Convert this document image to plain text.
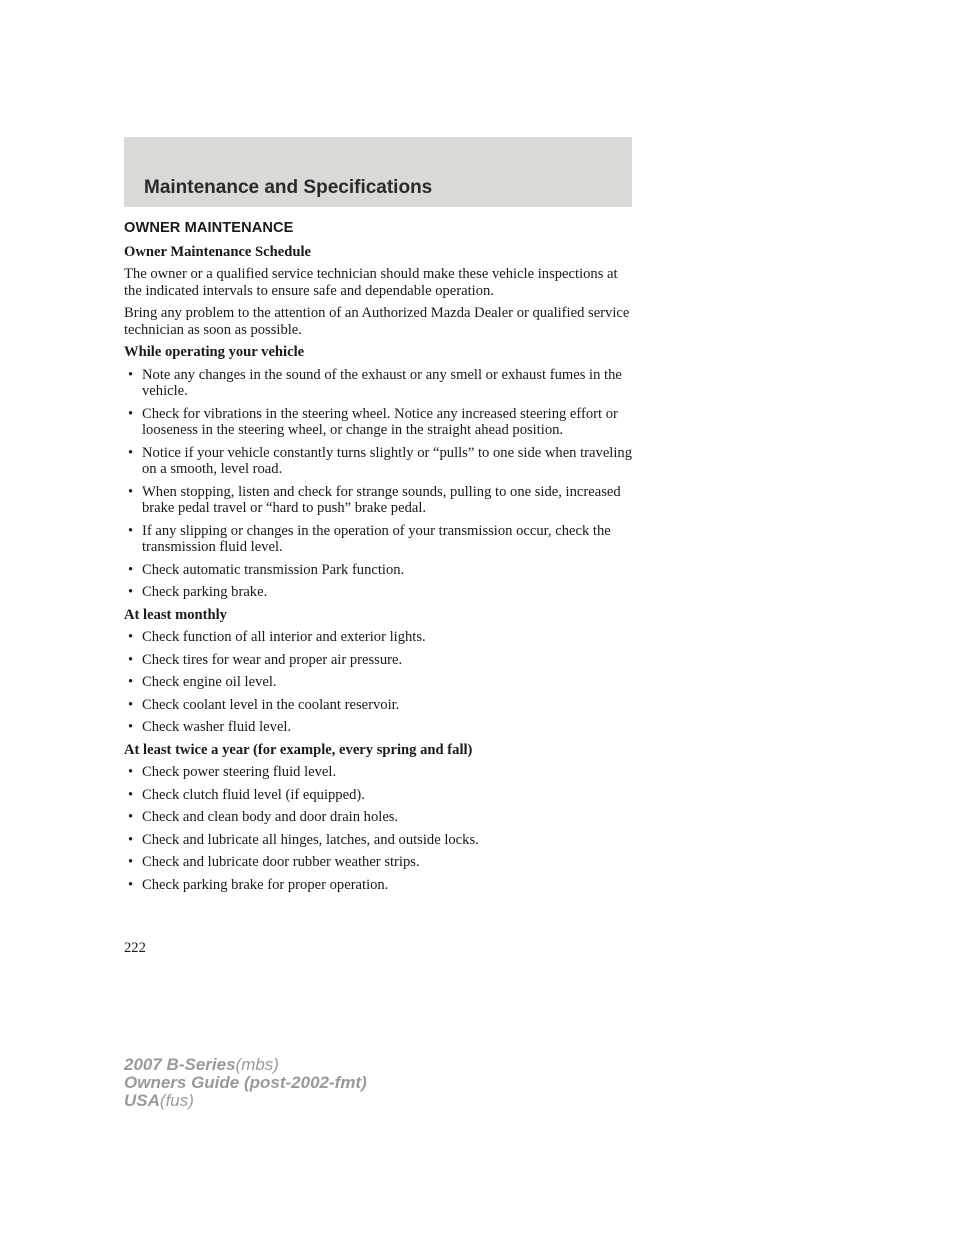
Maintenance and Specifications
OWNER MAINTENANCE
Owner Maintenance Schedule

The owner or a qualified service technician should make these vehicle inspections at the indicated intervals to ensure safe and dependable operation.

Bring any problem to the attention of an Authorized Mazda Dealer or qualified service technician as soon as possible.

While operating your vehicle
• Note any changes in the sound of the exhaust or any smell or exhaust fumes in the vehicle.
• Check for vibrations in the steering wheel. Notice any increased steering effort or looseness in the steering wheel, or change in the straight ahead position.
• Notice if your vehicle constantly turns slightly or “pulls” to one side when traveling on a smooth, level road.
• When stopping, listen and check for strange sounds, pulling to one side, increased brake pedal travel or “hard to push” brake pedal.
• If any slipping or changes in the operation of your transmission occur, check the transmission fluid level.
• Check automatic transmission Park function.
• Check parking brake.
At least monthly
• Check function of all interior and exterior lights.
• Check tires for wear and proper air pressure.
• Check engine oil level.
• Check coolant level in the coolant reservoir.
• Check washer fluid level.
At least twice a year (for example, every spring and fall)
• Check power steering fluid level.
• Check clutch fluid level (if equipped).
• Check and clean body and door drain holes.
• Check and lubricate all hinges, latches, and outside locks.
• Check and lubricate door rubber weather strips.
• Check parking brake for proper operation.
222
2007 B-Series(mbs)
Owners Guide (post-2002-fmt)
USA(fus)
